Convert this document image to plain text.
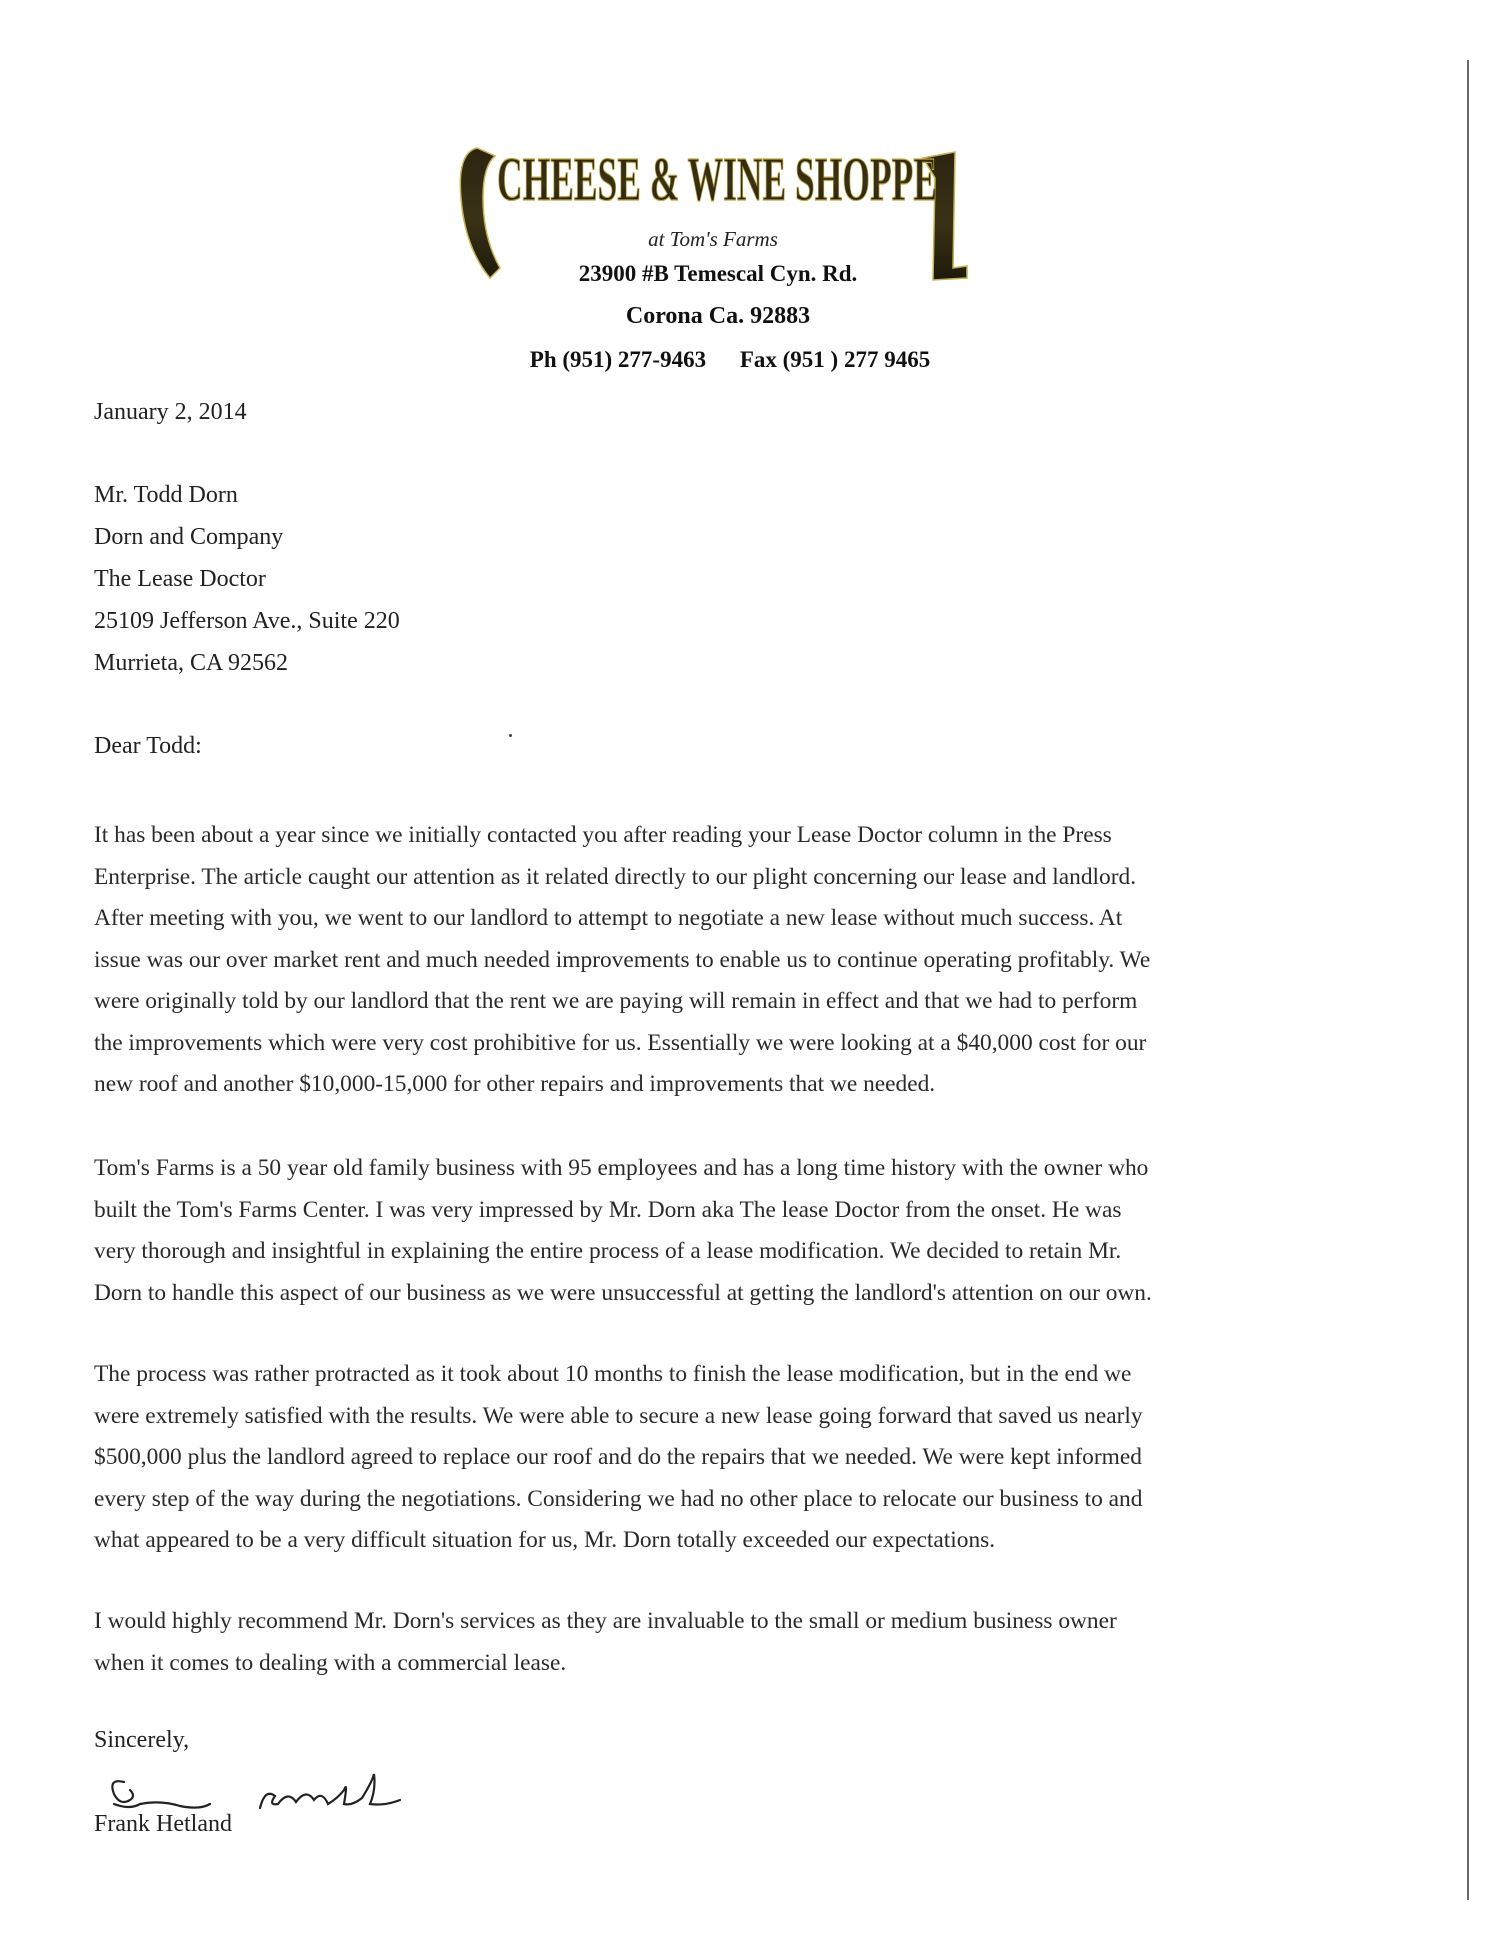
CHEESE & WINE SHOPPE
at Tom's Farms
23900 #B Temescal Cyn. Rd.
Corona Ca. 92883
Ph (951) 277-9463 Fax (951 ) 277 9465
January 2, 2014
Mr. Todd Dorn
Dorn and Company
The Lease Doctor
25109 Jefferson Ave., Suite 220
Murrieta, CA 92562
Dear Todd:
It has been about a year since we initially contacted you after reading your Lease Doctor column in the Press
Enterprise. The article caught our attention as it related directly to our plight concerning our lease and landlord.
After meeting with you, we went to our landlord to attempt to negotiate a new lease without much success. At
issue was our over market rent and much needed improvements to enable us to continue operating profitably. We
were originally told by our landlord that the rent we are paying will remain in effect and that we had to perform
the improvements which were very cost prohibitive for us. Essentially we were looking at a $40,000 cost for our
new roof and another $10,000-15,000 for other repairs and improvements that we needed.
Tom's Farms is a 50 year old family business with 95 employees and has a long time history with the owner who
built the Tom's Farms Center. I was very impressed by Mr. Dorn aka The lease Doctor from the onset. He was
very thorough and insightful in explaining the entire process of a lease modification. We decided to retain Mr.
Dorn to handle this aspect of our business as we were unsuccessful at getting the landlord's attention on our own.
The process was rather protracted as it took about 10 months to finish the lease modification, but in the end we
were extremely satisfied with the results. We were able to secure a new lease going forward that saved us nearly
$500,000 plus the landlord agreed to replace our roof and do the repairs that we needed. We were kept informed
every step of the way during the negotiations. Considering we had no other place to relocate our business to and
what appeared to be a very difficult situation for us, Mr. Dorn totally exceeded our expectations.
I would highly recommend Mr. Dorn's services as they are invaluable to the small or medium business owner
when it comes to dealing with a commercial lease.
Sincerely,
Frank Hetland
